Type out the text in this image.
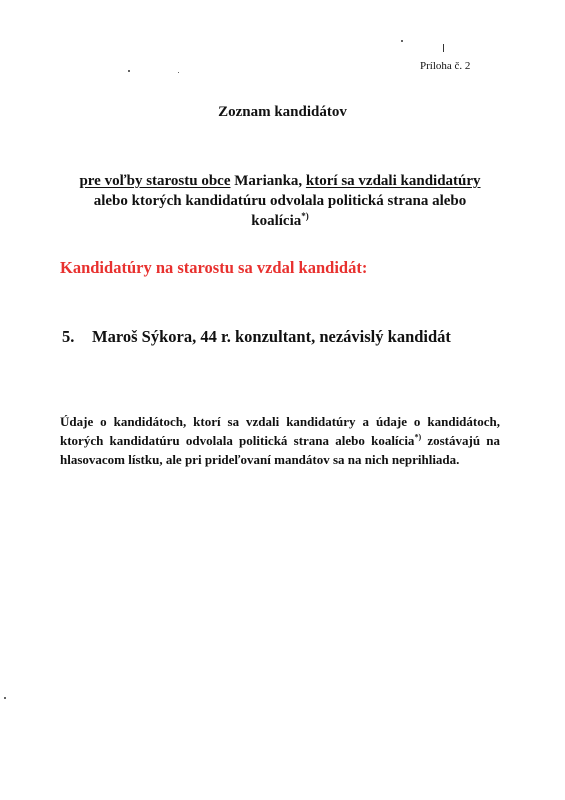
Príloha č. 2
Zoznam kandidátov
pre voľby starostu obce Marianka, ktorí sa vzdali kandidatúry
alebo ktorých kandidatúru odvolala politická strana alebo
koalícia*)
Kandidatúry na starostu sa vzdal kandidát:
5. Maroš Sýkora, 44 r. konzultant, nezávislý kandidát
Údaje o kandidátoch, ktorí sa vzdali kandidatúry a údaje o kandidátoch, ktorých kandidatúru odvolala politická strana alebo koalícia*) zostávajú na hlasovacom lístku, ale pri prideľovaní mandátov sa na nich neprihliada.
